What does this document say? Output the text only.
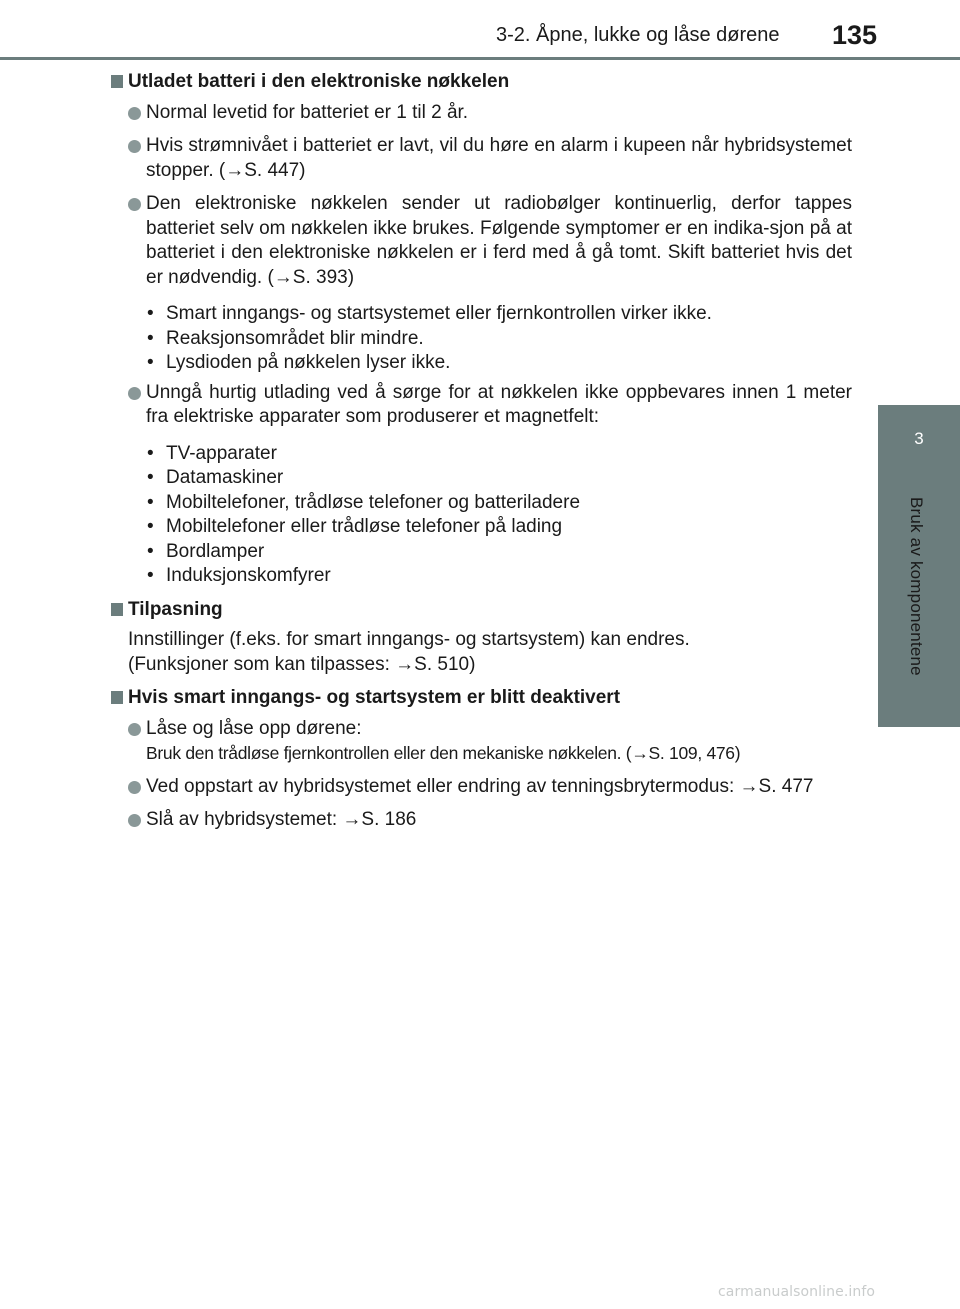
3-2. Åpne, lukke og låse dørene 135
3
Bruk av komponentene
Utladet batteri i den elektroniske nøkkelen
Normal levetid for batteriet er 1 til 2 år.
Hvis strømnivået i batteriet er lavt, vil du høre en alarm i kupeen når hybridsystemet stopper. (→S. 447)
Den elektroniske nøkkelen sender ut radiobølger kontinuerlig, derfor tappes batteriet selv om nøkkelen ikke brukes. Følgende symptomer er en indika-sjon på at batteriet i den elektroniske nøkkelen er i ferd med å gå tomt. Skift batteriet hvis det er nødvendig. (→S. 393)
• Smart inngangs- og startsystemet eller fjernkontrollen virker ikke.
• Reaksjonsområdet blir mindre.
• Lysdioden på nøkkelen lyser ikke.
Unngå hurtig utlading ved å sørge for at nøkkelen ikke oppbevares innen 1 meter fra elektriske apparater som produserer et magnetfelt:
• TV-apparater
• Datamaskiner
• Mobiltelefoner, trådløse telefoner og batteriladere
• Mobiltelefoner eller trådløse telefoner på lading
• Bordlamper
• Induksjonskomfyrer
Tilpasning
Innstillinger (f.eks. for smart inngangs- og startsystem) kan endres.
(Funksjoner som kan tilpasses: →S. 510)
Hvis smart inngangs- og startsystem er blitt deaktivert
Låse og låse opp dørene:
Bruk den trådløse fjernkontrollen eller den mekaniske nøkkelen. (→S. 109, 476)
Ved oppstart av hybridsystemet eller endring av tenningsbrytermodus: →S. 477
Slå av hybridsystemet: →S. 186
carmanualsonline.info
